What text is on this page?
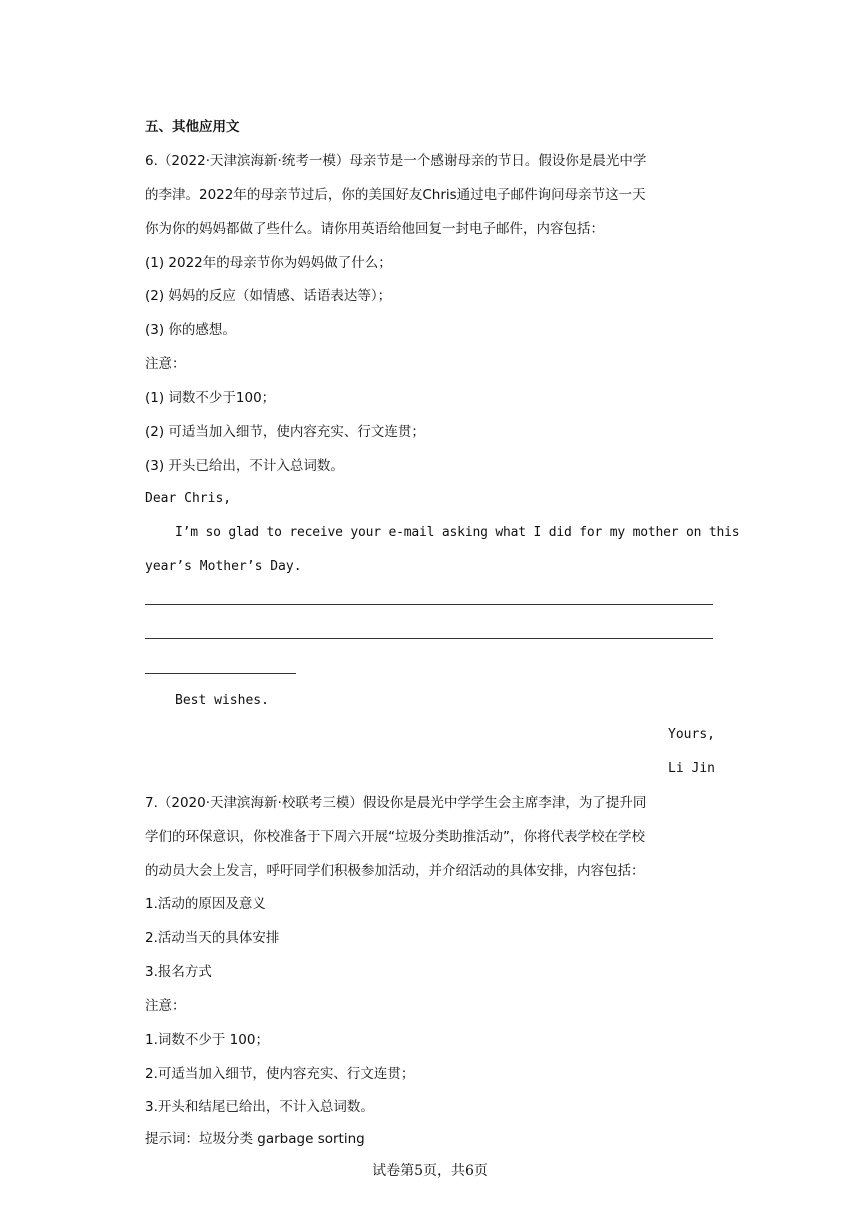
五、其他应用文
6.（2022·天津滨海新·统考一模）母亲节是一个感谢母亲的节日。假设你是晨光中学
的李津。2022年的母亲节过后，你的美国好友Chris通过电子邮件询问母亲节这一天
你为你的妈妈都做了些什么。请你用英语给他回复一封电子邮件，内容包括：
(1) 2022年的母亲节你为妈妈做了什么；
(2) 妈妈的反应（如情感、话语表达等）；
(3) 你的感想。
注意：
(1) 词数不少于100；
(2) 可适当加入细节，使内容充实、行文连贯；
(3) 开头已给出，不计入总词数。
Dear Chris,
I’m so glad to receive your e-mail asking what I did for my mother on this
year’s Mother’s Day.
Best wishes.
Yours,
Li Jin
7.（2020·天津滨海新·校联考三模）假设你是晨光中学学生会主席李津，为了提升同
学们的环保意识，你校准备于下周六开展“垃圾分类助推活动”，你将代表学校在学校
的动员大会上发言，呼吁同学们积极参加活动，并介绍活动的具体安排，内容包括：
1.活动的原因及意义
2.活动当天的具体安排
3.报名方式
注意：
1.词数不少于 100；
2.可适当加入细节，使内容充实、行文连贯；
3.开头和结尾已给出，不计入总词数。
提示词：垃圾分类 garbage sorting
试卷第5页，共6页
